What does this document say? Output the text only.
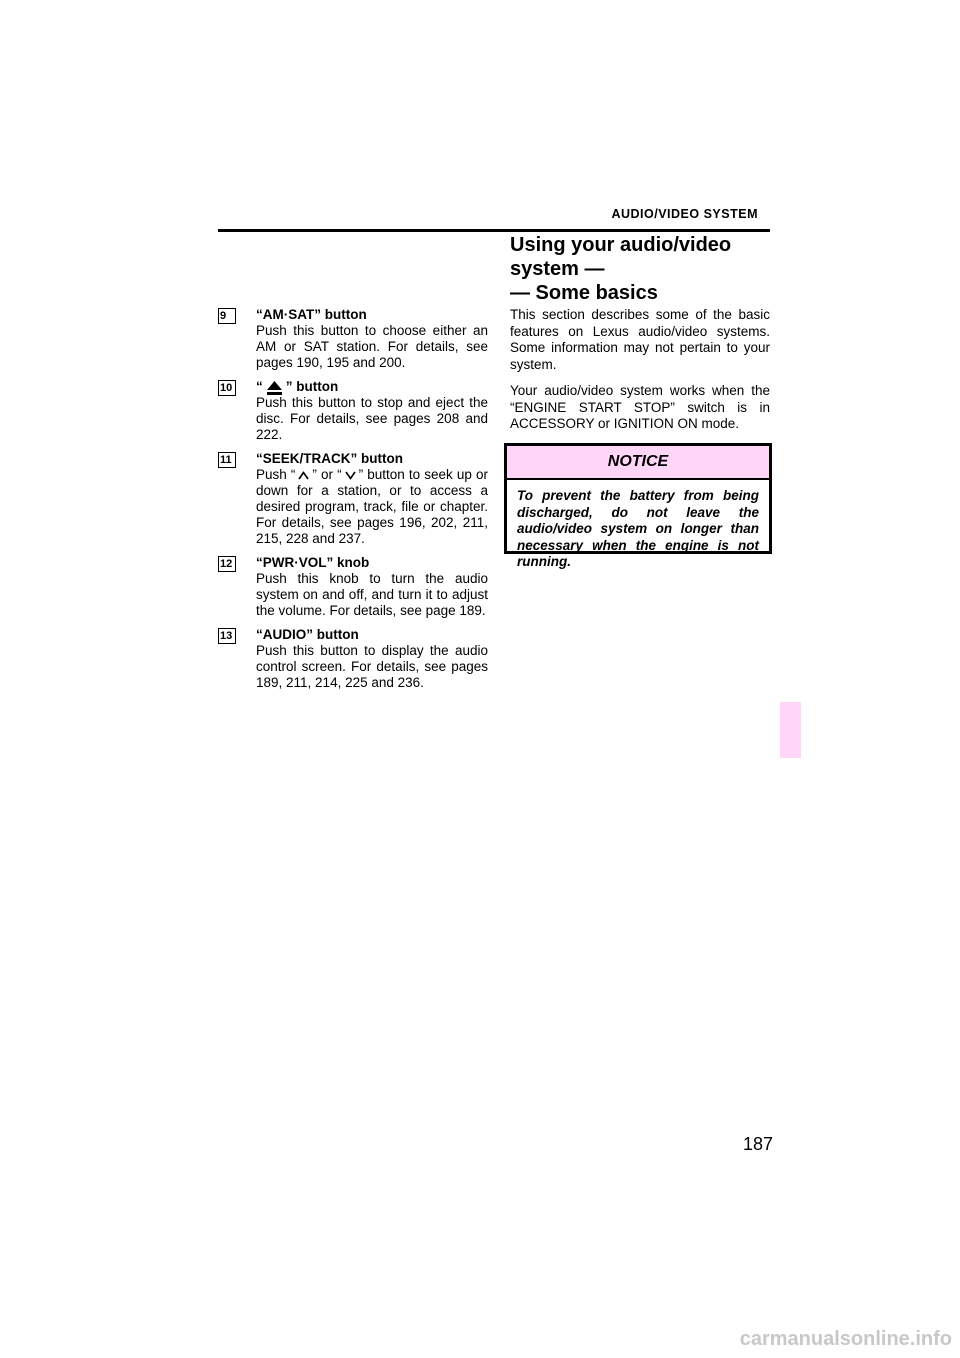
AUDIO/VIDEO SYSTEM
Using your audio/video
system —
— Some basics
9	“AM·SAT” button
Push this button to choose either an AM or SAT station. For details, see pages 190, 195 and 200.
10 “ ” button
Push this button to stop and eject the disc. For details, see pages 208 and 222.
11	“SEEK/TRACK” button
Push “ ” or “ ” button to seek up or down for a station, or to access a desired program, track, file or chapter. For details, see pages 196, 202, 211, 215, 228 and 237.
12 “PWR·VOL” knob
Push this knob to turn the audio system on and off, and turn it to adjust the volume. For details, see page 189.
13 “AUDIO” button
Push this button to display the audio control screen. For details, see pages 189, 211, 214, 225 and 236.

This section describes some of the basic features on Lexus audio/video systems. Some information may not pertain to your system.

Your audio/video system works when the “ENGINE START STOP” switch is in ACCESSORY or IGNITION ON mode.

NOTICE
To prevent the battery from being discharged, do not leave the audio/video system on longer than necessary when the engine is not running.
187
carmanualsonline.info
